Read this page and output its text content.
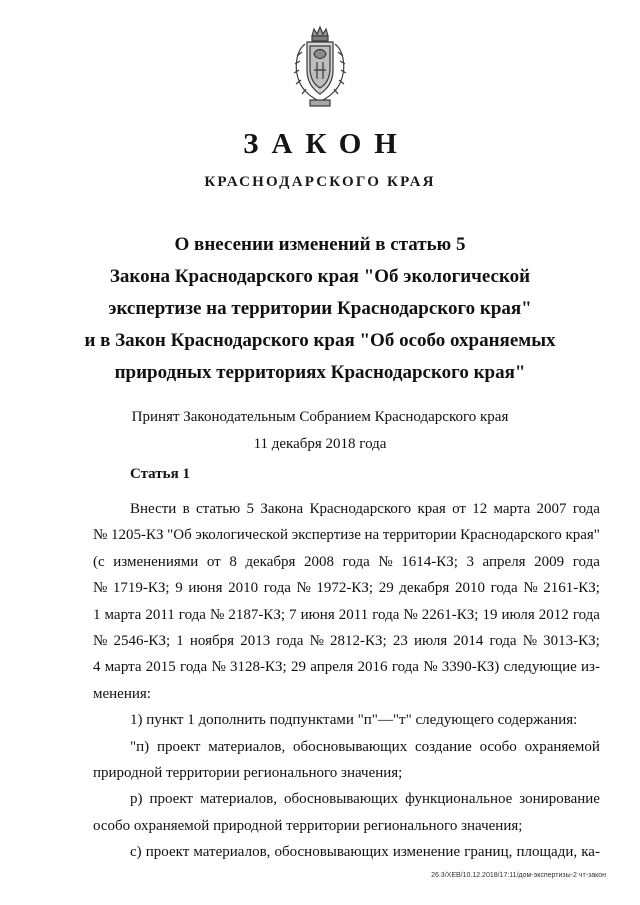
ЗАКОН
КРАСНОДАРСКОГО КРАЯ
О внесении изменений в статью 5
Закона Краснодарского края "Об экологической
экспертизе на территории Краснодарского края"
и в Закон Краснодарского края "Об особо охраняемых
природных территориях Краснодарского края"
Принят Законодательным Собранием Краснодарского края
11 декабря 2018 года
Статья 1
Внести в статью 5 Закона Краснодарского края от 12 марта 2007 года
№ 1205-КЗ "Об экологической экспертизе на территории Краснодарского края"
(с изменениями от 8 декабря 2008 года № 1614-КЗ; 3 апреля 2009 года
№ 1719-КЗ; 9 июня 2010 года № 1972-КЗ; 29 декабря 2010 года № 2161-КЗ;
1 марта 2011 года № 2187-КЗ; 7 июня 2011 года № 2261-КЗ; 19 июля 2012 года
№ 2546-КЗ; 1 ноября 2013 года № 2812-КЗ; 23 июля 2014 года № 3013-КЗ;
4 марта 2015 года № 3128-КЗ; 29 апреля 2016 года № 3390-КЗ) следующие из-
менения:
1) пункт 1 дополнить подпунктами "п"—"т" следующего содержания:
"п) проект материалов, обосновывающих создание особо охраняемой
природной территории регионального значения;
р) проект материалов, обосновывающих функциональное зонирование
особо охраняемой природной территории регионального значения;
с) проект материалов, обосновывающих изменение границ, площади, ка-
26.3/XEB/10.12.2018/17:11/дом-экспертизы-2 чт-закон
